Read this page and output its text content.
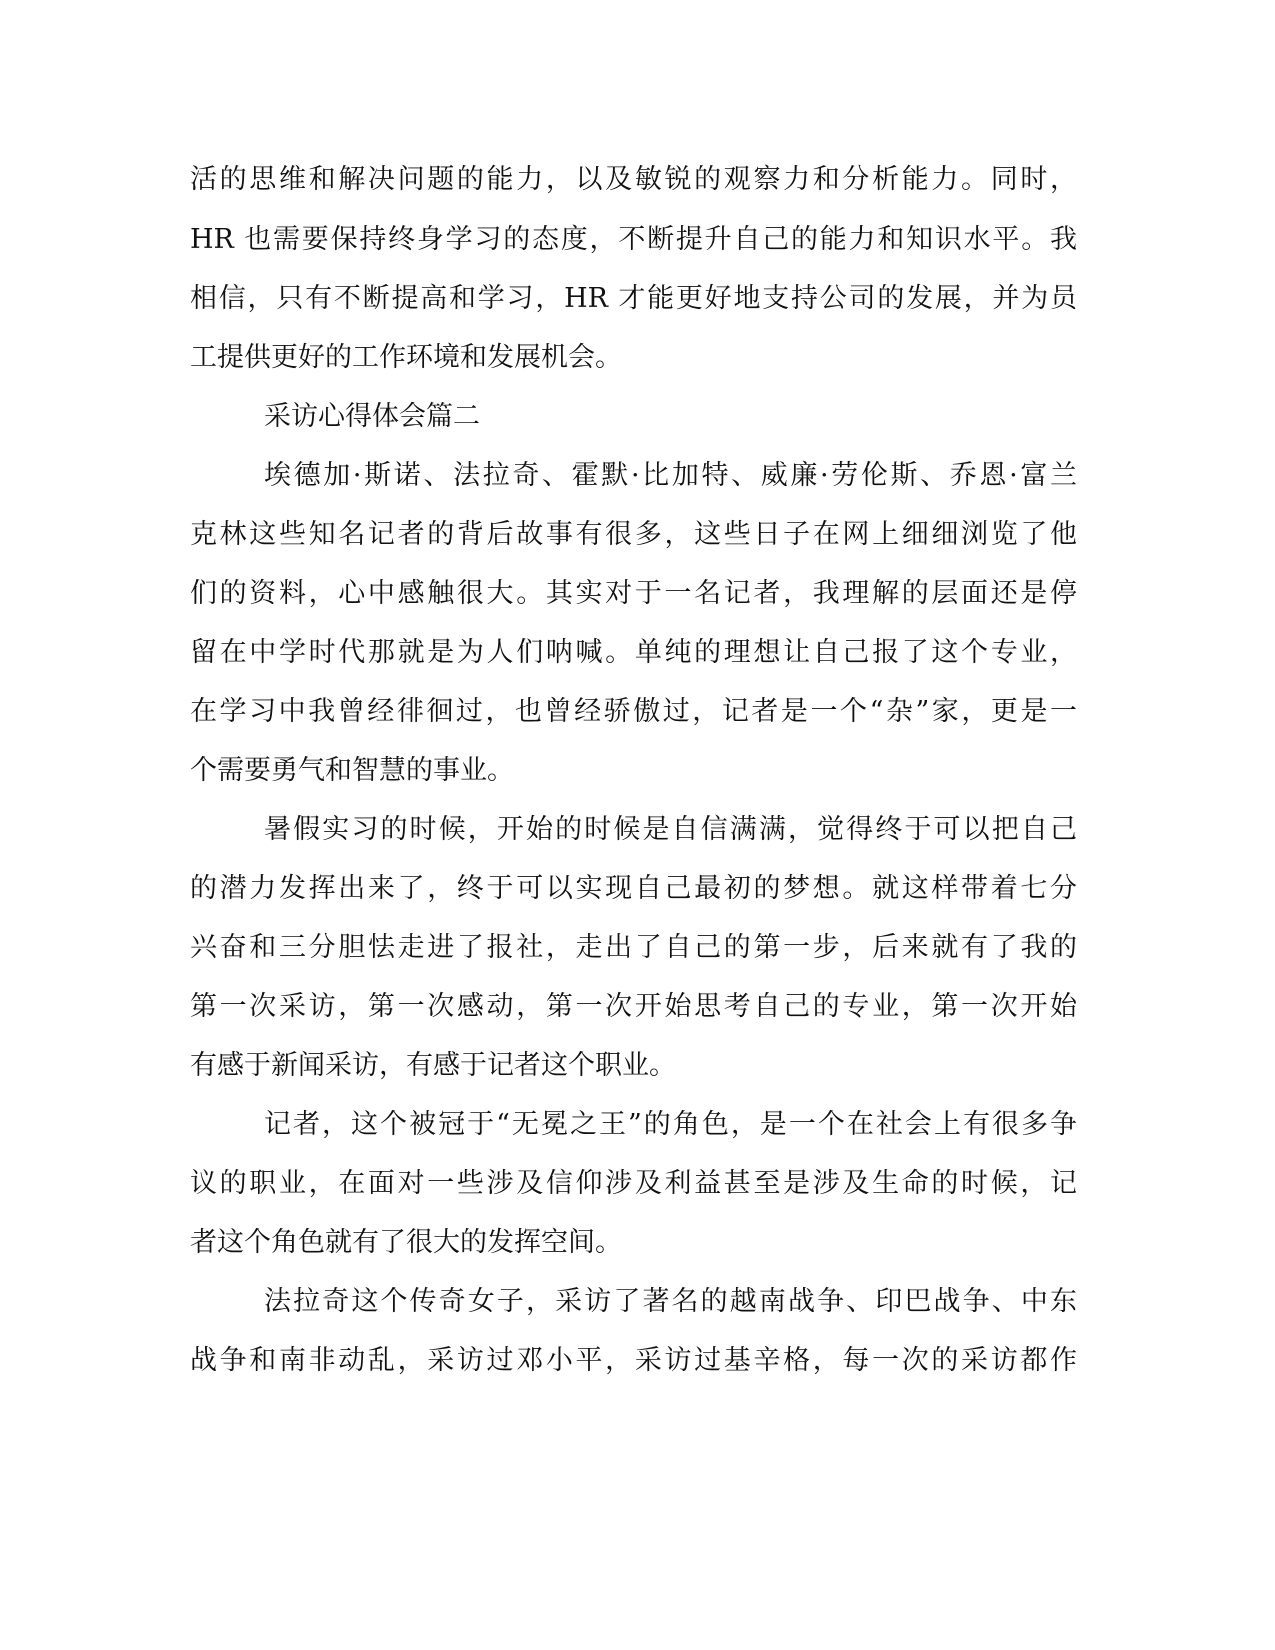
活的思维和解决问题的能力，以及敏锐的观察力和分析能力。同时，
HR 也需要保持终身学习的态度，不断提升自己的能力和知识水平。我
相信，只有不断提高和学习，HR 才能更好地支持公司的发展，并为员
工提供更好的工作环境和发展机会。
采访心得体会篇二
埃德加·斯诺、法拉奇、霍默·比加特、威廉·劳伦斯、乔恩·富兰
克林这些知名记者的背后故事有很多，这些日子在网上细细浏览了他
们的资料，心中感触很大。其实对于一名记者，我理解的层面还是停
留在中学时代那就是为人们呐喊。单纯的理想让自己报了这个专业，
在学习中我曾经徘徊过，也曾经骄傲过，记者是一个“杂”家，更是一
个需要勇气和智慧的事业。
暑假实习的时候，开始的时候是自信满满，觉得终于可以把自己
的潜力发挥出来了，终于可以实现自己最初的梦想。就这样带着七分
兴奋和三分胆怯走进了报社，走出了自己的第一步，后来就有了我的
第一次采访，第一次感动，第一次开始思考自己的专业，第一次开始
有感于新闻采访，有感于记者这个职业。
记者，这个被冠于“无冕之王”的角色，是一个在社会上有很多争
议的职业，在面对一些涉及信仰涉及利益甚至是涉及生命的时候，记
者这个角色就有了很大的发挥空间。
法拉奇这个传奇女子，采访了著名的越南战争、印巴战争、中东
战争和南非动乱，采访过邓小平，采访过基辛格，每一次的采访都作
